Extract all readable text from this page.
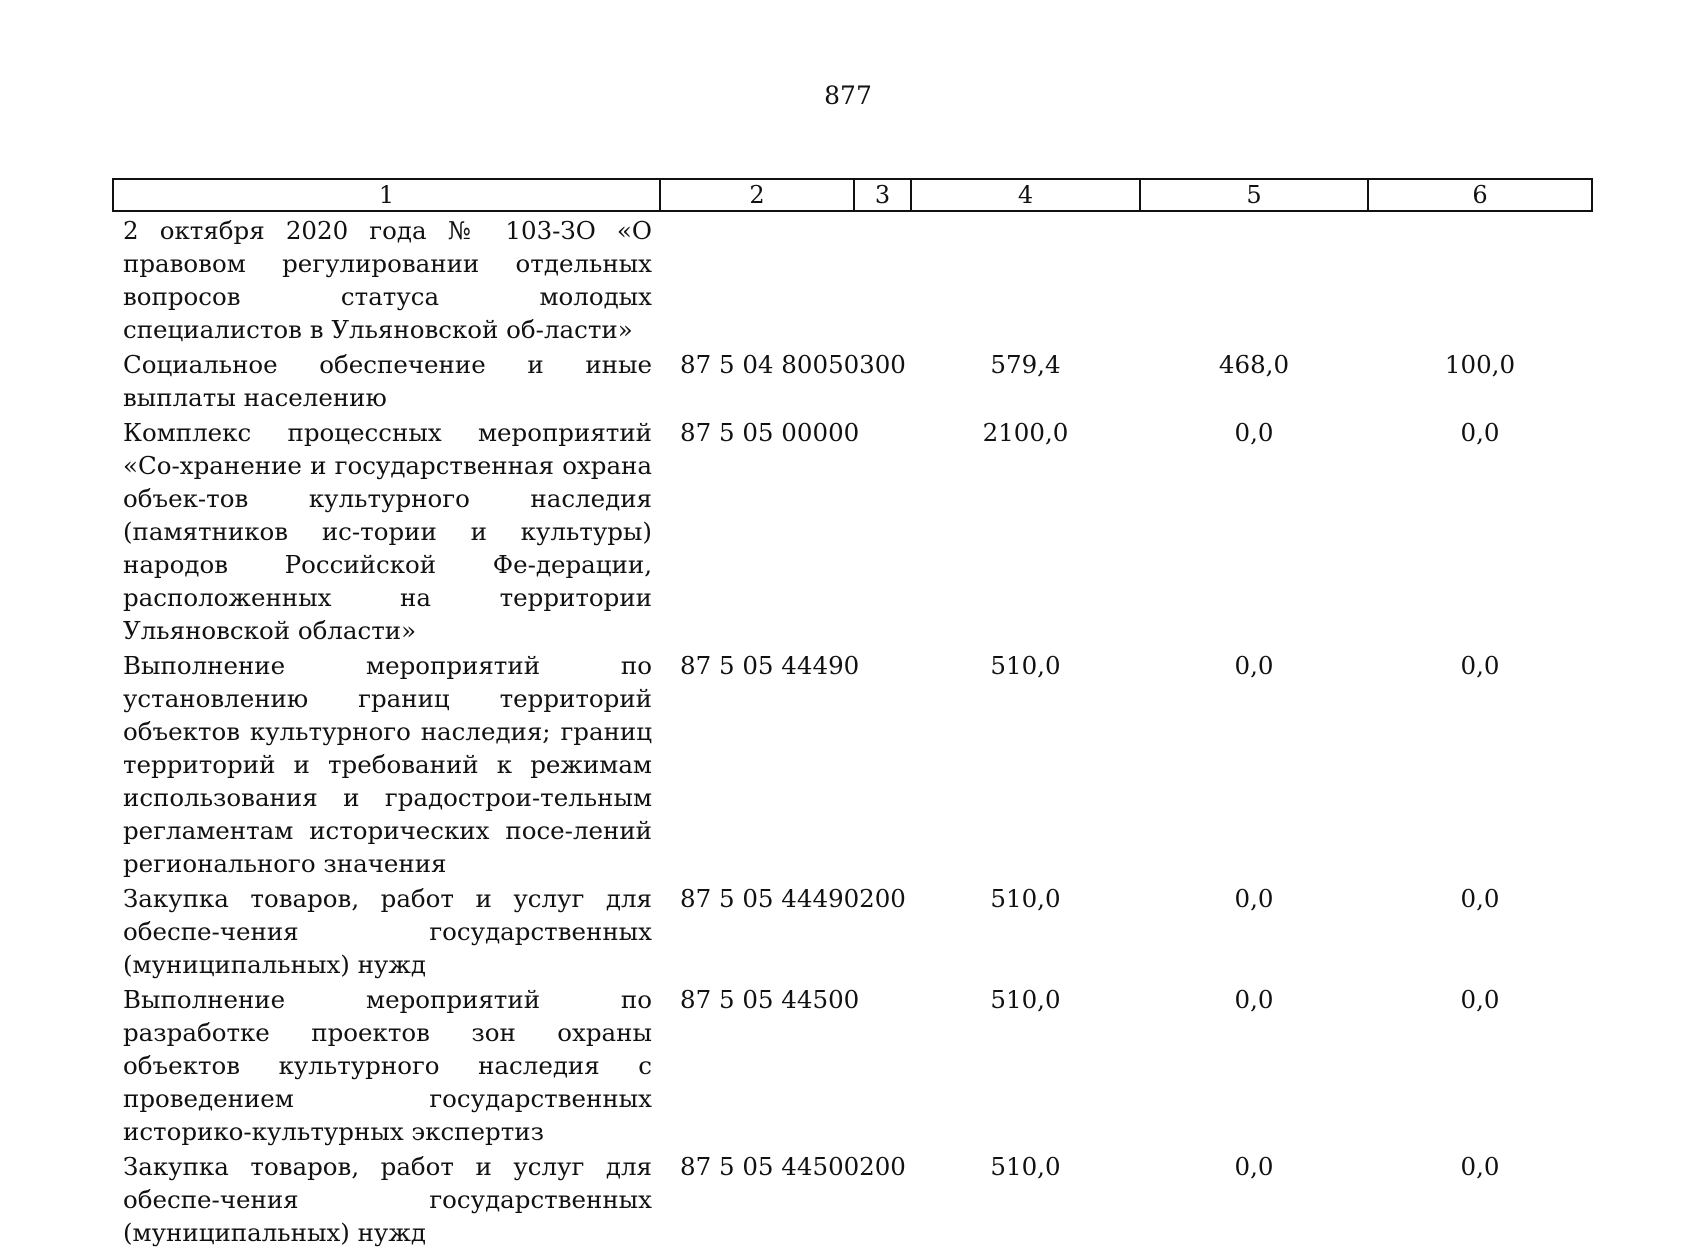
877
1	2	3	4	5	6
2 октября 2020 года № 103-ЗО «О правовом регулировании отдельных вопросов статуса молодых специалистов в Ульяновской об-ласти»					
Социальное обеспечение и иные выплаты населению	87 5 04 80050	300	579,4	468,0	100,0
Комплекс процессных мероприятий «Со-хранение и государственная охрана объек-тов культурного наследия (памятников ис-тории и культуры) народов Российской Фе-дерации, расположенных на территории Ульяновской области»	87 5 05 00000		2100,0	0,0	0,0
Выполнение мероприятий по установлению границ территорий объектов культурного наследия; границ территорий и требований к режимам использования и градострои-тельным регламентам исторических посе-лений регионального значения	87 5 05 44490		510,0	0,0	0,0
Закупка товаров, работ и услуг для обеспе-чения государственных (муниципальных) нужд	87 5 05 44490	200	510,0	0,0	0,0
Выполнение мероприятий по разработке проектов зон охраны объектов культурного наследия с проведением государственных историко-культурных экспертиз	87 5 05 44500		510,0	0,0	0,0
Закупка товаров, работ и услуг для обеспе-чения государственных (муниципальных) нужд	87 5 05 44500	200	510,0	0,0	0,0
